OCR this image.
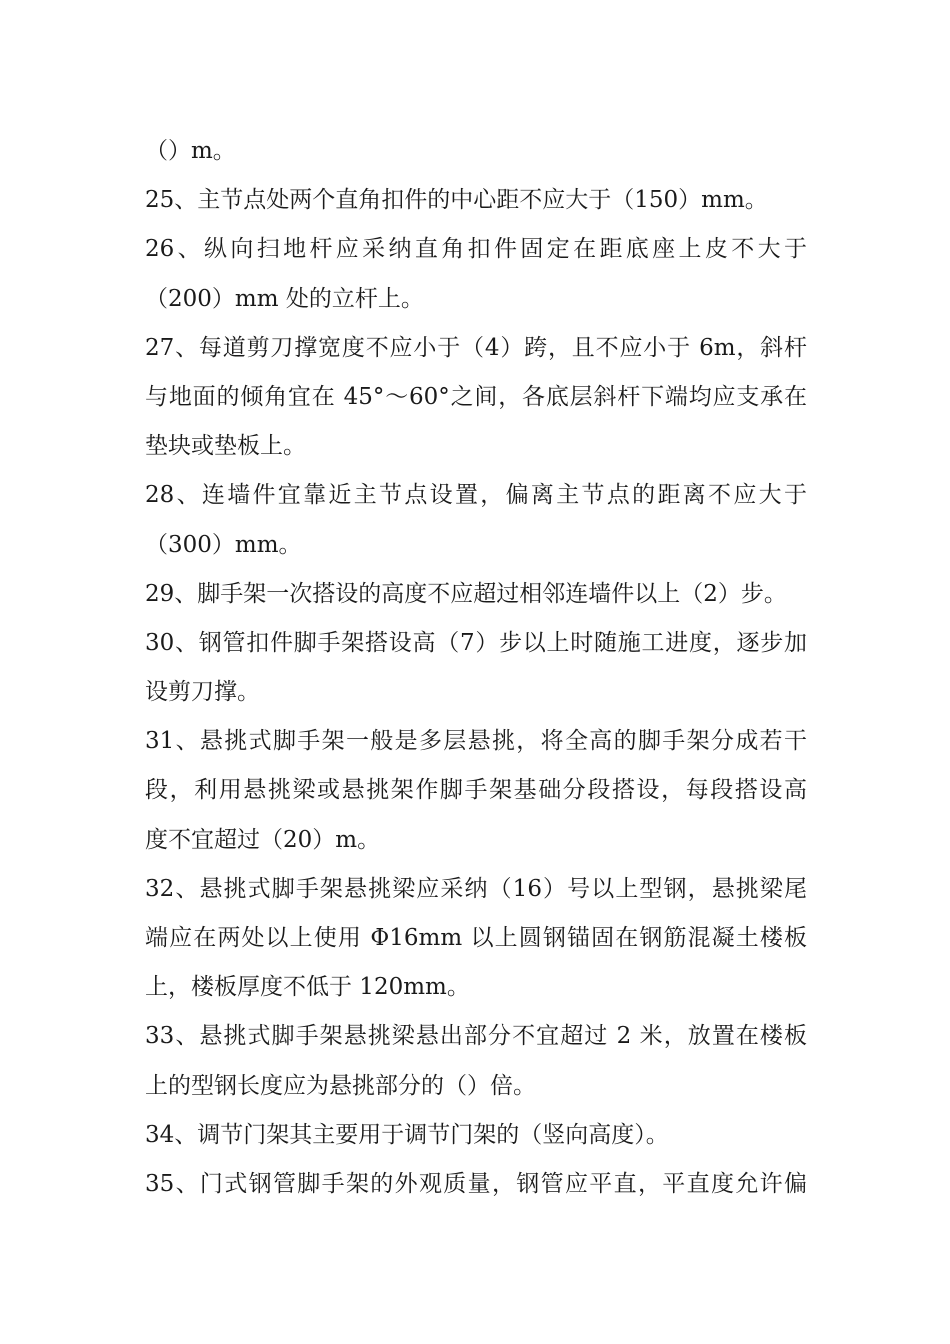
（）m。
25、主节点处两个直角扣件的中心距不应大于（150）mm。
26、纵向扫地杆应采纳直角扣件固定在距底座上皮不大于
（200）mm 处的立杆上。
27、每道剪刀撑宽度不应小于（4）跨，且不应小于 6m，斜杆
与地面的倾角宜在 45°～60°之间，各底层斜杆下端均应支承在
垫块或垫板上。
28、连墙件宜靠近主节点设置，偏离主节点的距离不应大于
（300）mm。
29、脚手架一次搭设的高度不应超过相邻连墙件以上（2）步。
30、钢管扣件脚手架搭设高（7）步以上时随施工进度，逐步加
设剪刀撑。
31、悬挑式脚手架一般是多层悬挑，将全高的脚手架分成若干
段，利用悬挑梁或悬挑架作脚手架基础分段搭设，每段搭设高
度不宜超过（20）m。
32、悬挑式脚手架悬挑梁应采纳（16）号以上型钢，悬挑梁尾
端应在两处以上使用 Φ16mm 以上圆钢锚固在钢筋混凝土楼板
上，楼板厚度不低于 120mm。
33、悬挑式脚手架悬挑梁悬出部分不宜超过 2 米，放置在楼板
上的型钢长度应为悬挑部分的（）倍。
34、调节门架其主要用于调节门架的（竖向高度）。
35、门式钢管脚手架的外观质量，钢管应平直，平直度允许偏
